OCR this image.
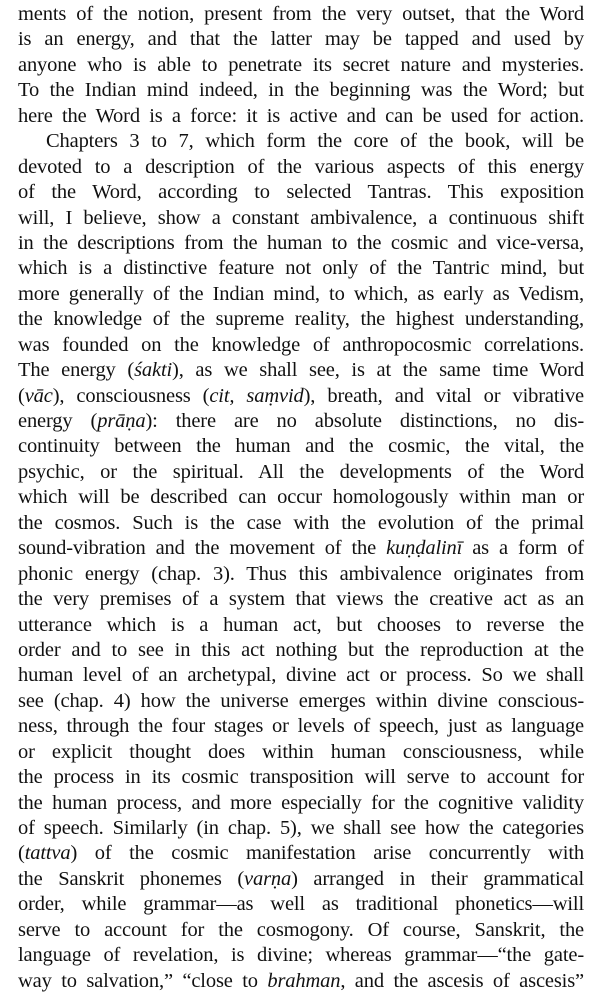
ments of the notion, present from the very outset, that the Word
is an energy, and that the latter may be tapped and used by
anyone who is able to penetrate its secret nature and mysteries.
To the Indian mind indeed, in the beginning was the Word; but
here the Word is a force: it is active and can be used for action.
Chapters 3 to 7, which form the core of the book, will be
devoted to a description of the various aspects of this energy
of the Word, according to selected Tantras. This exposition
will, I believe, show a constant ambivalence, a continuous shift
in the descriptions from the human to the cosmic and vice-versa,
which is a distinctive feature not only of the Tantric mind, but
more generally of the Indian mind, to which, as early as Vedism,
the knowledge of the supreme reality, the highest understanding,
was founded on the knowledge of anthropocosmic correlations.
The energy (śakti), as we shall see, is at the same time Word
(vāc), consciousness (cit, saṃvid), breath, and vital or vibrative
energy (prāṇa): there are no absolute distinctions, no dis-
continuity between the human and the cosmic, the vital, the
psychic, or the spiritual. All the developments of the Word
which will be described can occur homologously within man or
the cosmos. Such is the case with the evolution of the primal
sound-vibration and the movement of the kuṇḍalinī as a form of
phonic energy (chap. 3). Thus this ambivalence originates from
the very premises of a system that views the creative act as an
utterance which is a human act, but chooses to reverse the
order and to see in this act nothing but the reproduction at the
human level of an archetypal, divine act or process. So we shall
see (chap. 4) how the universe emerges within divine conscious-
ness, through the four stages or levels of speech, just as language
or explicit thought does within human consciousness, while
the process in its cosmic transposition will serve to account for
the human process, and more especially for the cognitive validity
of speech. Similarly (in chap. 5), we shall see how the categories
(tattva) of the cosmic manifestation arise concurrently with
the Sanskrit phonemes (varṇa) arranged in their grammatical
order, while grammar—as well as traditional phonetics—will
serve to account for the cosmogony. Of course, Sanskrit, the
language of revelation, is divine; whereas grammar—“the gate-
way to salvation,” “close to brahman, and the ascesis of ascesis”
